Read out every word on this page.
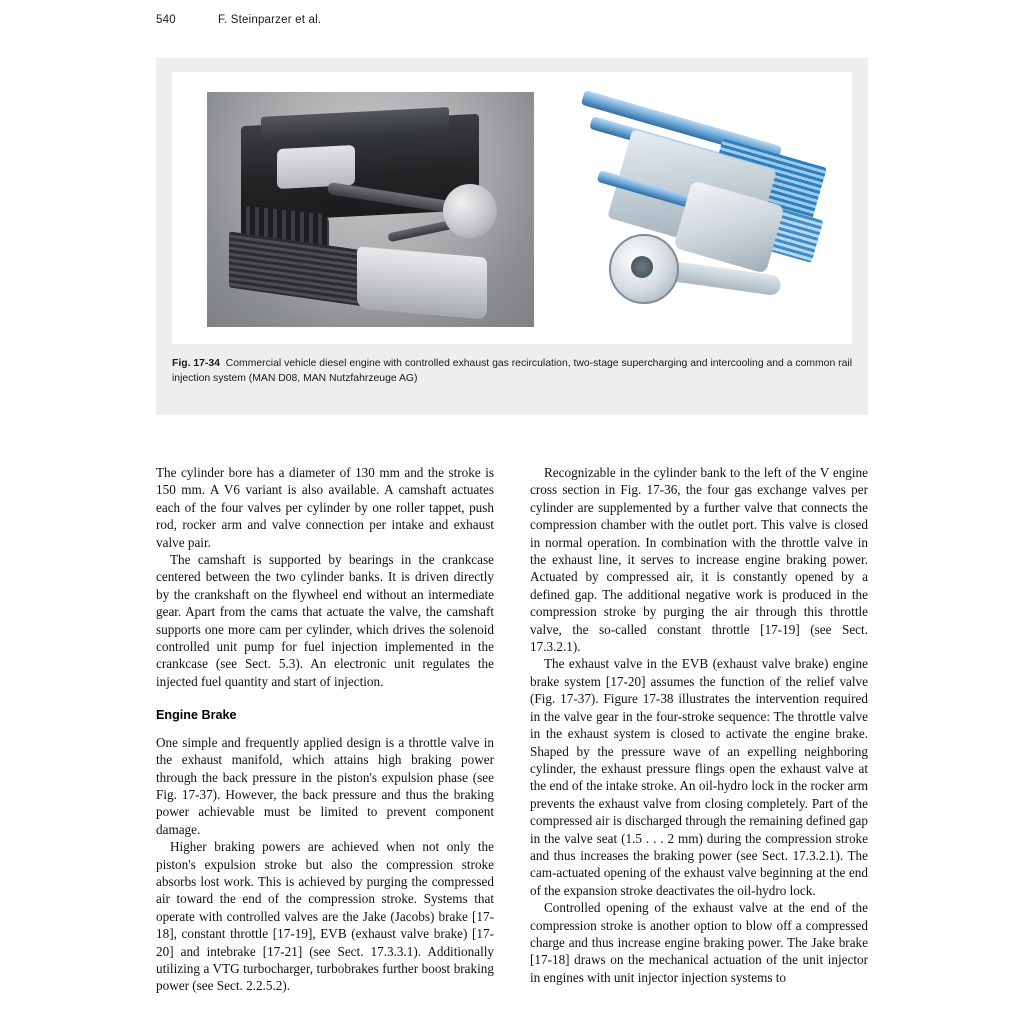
540	F. Steinparzer et al.
Fig. 17-34 Commercial vehicle diesel engine with controlled exhaust gas recirculation, two-stage supercharging and intercooling and a common rail injection system (MAN D08, MAN Nutzfahrzeuge AG)

The cylinder bore has a diameter of 130 mm and the stroke is 150 mm. A V6 variant is also available. A camshaft actuates each of the four valves per cylinder by one roller tappet, push rod, rocker arm and valve connection per intake and exhaust valve pair.

The camshaft is supported by bearings in the crankcase centered between the two cylinder banks. It is driven directly by the crankshaft on the flywheel end without an intermediate gear. Apart from the cams that actuate the valve, the camshaft supports one more cam per cylinder, which drives the solenoid controlled unit pump for fuel injection implemented in the crankcase (see Sect. 5.3). An electronic unit regulates the injected fuel quantity and start of injection.

Engine Brake

One simple and frequently applied design is a throttle valve in the exhaust manifold, which attains high braking power through the back pressure in the piston's expulsion phase (see Fig. 17-37). However, the back pressure and thus the braking power achievable must be limited to prevent component damage.

Higher braking powers are achieved when not only the piston's expulsion stroke but also the compression stroke absorbs lost work. This is achieved by purging the compressed air toward the end of the compression stroke. Systems that operate with controlled valves are the Jake (Jacobs) brake [17-18], constant throttle [17-19], EVB (exhaust valve brake) [17-20] and intebrake [17-21] (see Sect. 17.3.3.1). Additionally utilizing a VTG turbocharger, turbobrakes further boost braking power (see Sect. 2.2.5.2).

Recognizable in the cylinder bank to the left of the V engine cross section in Fig. 17-36, the four gas exchange valves per cylinder are supplemented by a further valve that connects the compression chamber with the outlet port. This valve is closed in normal operation. In combination with the throttle valve in the exhaust line, it serves to increase engine braking power. Actuated by compressed air, it is constantly opened by a defined gap. The additional negative work is produced in the compression stroke by purging the air through this throttle valve, the so-called constant throttle [17-19] (see Sect. 17.3.2.1).

The exhaust valve in the EVB (exhaust valve brake) engine brake system [17-20] assumes the function of the relief valve (Fig. 17-37). Figure 17-38 illustrates the intervention required in the valve gear in the four-stroke sequence: The throttle valve in the exhaust system is closed to activate the engine brake. Shaped by the pressure wave of an expelling neighboring cylinder, the exhaust pressure flings open the exhaust valve at the end of the intake stroke. An oil-hydro lock in the rocker arm prevents the exhaust valve from closing completely. Part of the compressed air is discharged through the remaining defined gap in the valve seat (1.5 . . . 2 mm) during the compression stroke and thus increases the braking power (see Sect. 17.3.2.1). The cam-actuated opening of the exhaust valve beginning at the end of the expansion stroke deactivates the oil-hydro lock.

Controlled opening of the exhaust valve at the end of the compression stroke is another option to blow off a compressed charge and thus increase engine braking power. The Jake brake [17-18] draws on the mechanical actuation of the unit injector in engines with unit injector injection systems to
